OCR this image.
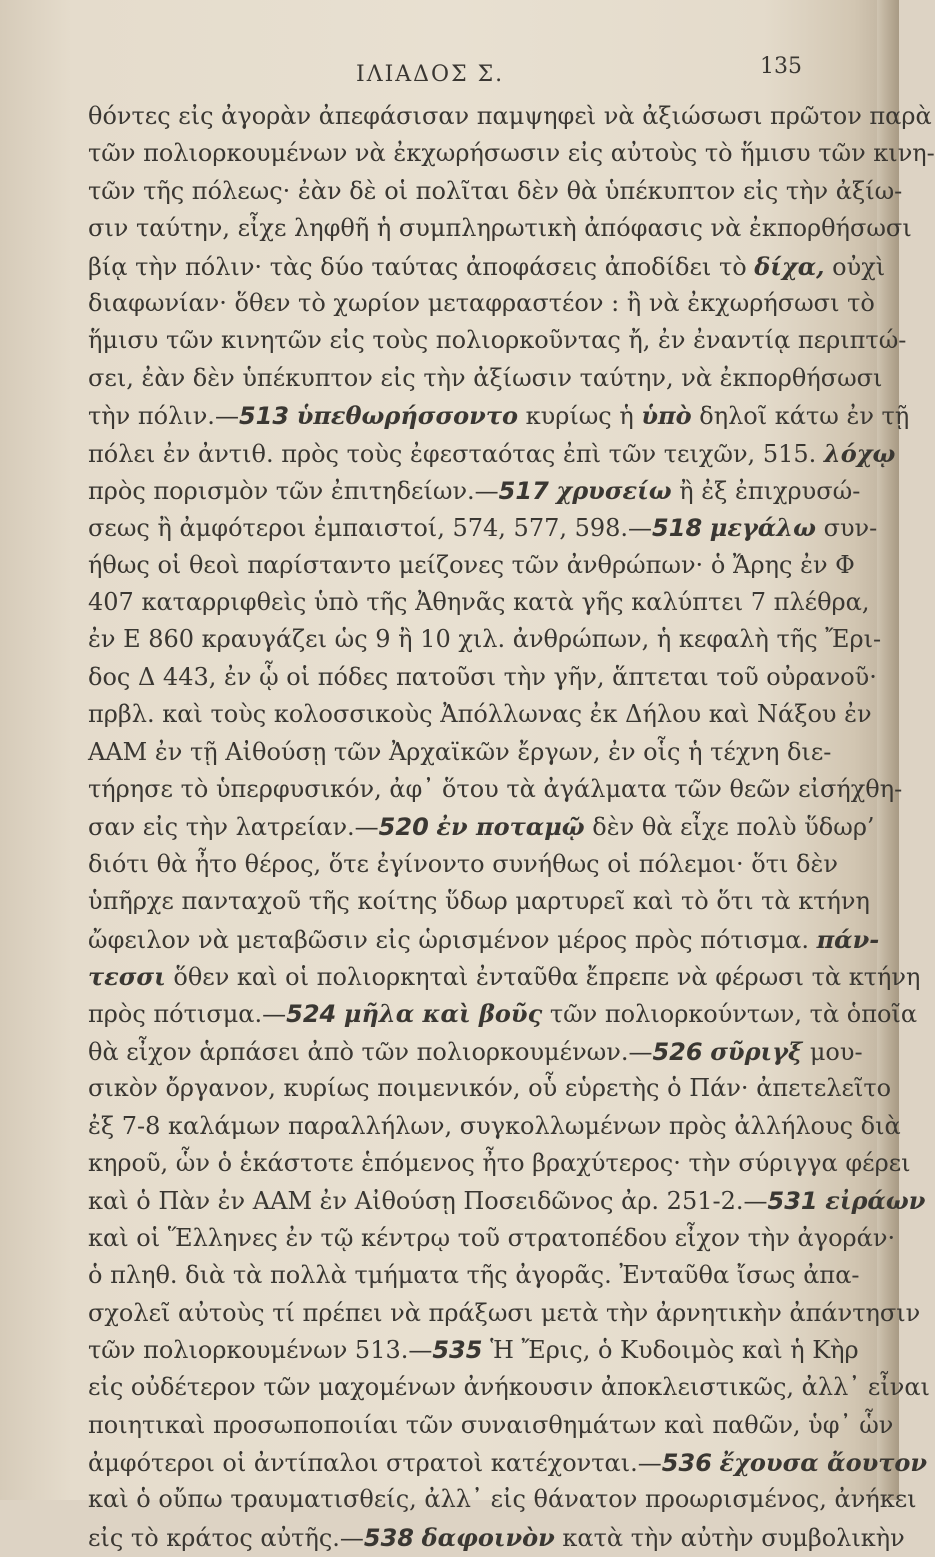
ΙΛΙΑΔΟΣ Σ.	135
θόντες εἰς ἀγορὰν ἀπεφάσισαν παμψηφεὶ νὰ ἀξιώσωσι πρῶτον παρὰ
τῶν πολιορκουμένων νὰ ἐκχωρήσωσιν εἰς αὐτοὺς τὸ ἥμισυ τῶν κινη-
τῶν τῆς πόλεως· ἐὰν δὲ οἱ πολῖται δὲν θὰ ὑπέκυπτον εἰς τὴν ἀξίω-
σιν ταύτην, εἶχε ληφθῆ ἡ συμπληρωτικὴ ἀπόφασις νὰ ἐκπορθήσωσι
βίᾳ τὴν πόλιν· τὰς δύο ταύτας ἀποφάσεις ἀποδίδει τὸ δίχα, οὐχὶ
διαφωνίαν· ὅθεν τὸ χωρίον μεταφραστέον : ἢ νὰ ἐκχωρήσωσι τὸ
ἥμισυ τῶν κινητῶν εἰς τοὺς πολιορκοῦντας ἤ, ἐν ἐναντίᾳ περιπτώ-
σει, ἐὰν δὲν ὑπέκυπτον εἰς τὴν ἀξίωσιν ταύτην, νὰ ἐκπορθήσωσι
τὴν πόλιν.—513 ὑπεθωρήσσοντο κυρίως ἡ ὑπὸ δηλοῖ κάτω ἐν τῇ
πόλει ἐν ἀντιθ. πρὸς τοὺς ἐφεσταότας ἐπὶ τῶν τειχῶν, 515. λόχῳ
πρὸς πορισμὸν τῶν ἐπιτηδείων.—517 χρυσείω ἢ ἐξ ἐπιχρυσώ-
σεως ἢ ἀμφότεροι ἐμπαιστοί, 574, 577, 598.—518 μεγάλω συν-
ήθως οἱ θεοὶ παρίσταντο μείζονες τῶν ἀνθρώπων· ὁ Ἄρης ἐν Φ
407 καταρριφθεὶς ὑπὸ τῆς Ἀθηνᾶς κατὰ γῆς καλύπτει 7 πλέθρα,
ἐν Ε 860 κραυγάζει ὡς 9 ἢ 10 χιλ. ἀνθρώπων, ἡ κεφαλὴ τῆς Ἔρι-
δος Δ 443, ἐν ᾧ οἱ πόδες πατοῦσι τὴν γῆν, ἅπτεται τοῦ οὐρανοῦ·
πρβλ. καὶ τοὺς κολοσσικοὺς Ἀπόλλωνας ἐκ Δήλου καὶ Νάξου ἐν
ΑΑΜ ἐν τῇ Αἰθούσῃ τῶν Ἀρχαϊκῶν ἔργων, ἐν οἷς ἡ τέχνη διε-
τήρησε τὸ ὑπερφυσικόν, ἀφ᾽ ὅτου τὰ ἀγάλματα τῶν θεῶν εἰσήχθη-
σαν εἰς τὴν λατρείαν.—520 ἐν ποταμῷ δὲν θὰ εἶχε πολὺ ὕδωρ’
διότι θὰ ἦτο θέρος, ὅτε ἐγίνοντο συνήθως οἱ πόλεμοι· ὅτι δὲν
ὑπῆρχε πανταχοῦ τῆς κοίτης ὕδωρ μαρτυρεῖ καὶ τὸ ὅτι τὰ κτήνη
ὤφειλον νὰ μεταβῶσιν εἰς ὡρισμένον μέρος πρὸς πότισμα. πάν-
τεσσι ὅθεν καὶ οἱ πολιορκηταὶ ἐνταῦθα ἔπρεπε νὰ φέρωσι τὰ κτήνη
πρὸς πότισμα.—524 μῆλα καὶ βοῦς τῶν πολιορκούντων, τὰ ὁποῖα
θὰ εἶχον ἁρπάσει ἀπὸ τῶν πολιορκουμένων.—526 σῦριγξ μου-
σικὸν ὄργανον, κυρίως ποιμενικόν, οὗ εὑρετὴς ὁ Πάν· ἀπετελεῖτο
ἐξ 7-8 καλάμων παραλλήλων, συγκολλωμένων πρὸς ἀλλήλους διὰ
κηροῦ, ὧν ὁ ἑκάστοτε ἑπόμενος ἦτο βραχύτερος· τὴν σύριγγα φέρει
καὶ ὁ Πὰν ἐν ΑΑΜ ἐν Αἰθούσῃ Ποσειδῶνος ἀρ. 251-2.—531 εἰράων
καὶ οἱ Ἕλληνες ἐν τῷ κέντρῳ τοῦ στρατοπέδου εἶχον τὴν ἀγοράν·
ὁ πληθ. διὰ τὰ πολλὰ τμήματα τῆς ἀγορᾶς. Ἐνταῦθα ἴσως ἀπα-
σχολεῖ αὐτοὺς τί πρέπει νὰ πράξωσι μετὰ τὴν ἀρνητικὴν ἀπάντησιν
τῶν πολιορκουμένων 513.—535 Ἡ Ἔρις, ὁ Κυδοιμὸς καὶ ἡ Κὴρ
εἰς οὐδέτερον τῶν μαχομένων ἀνήκουσιν ἀποκλειστικῶς, ἀλλ᾽ εἶναι
ποιητικαὶ προσωποποιίαι τῶν συναισθημάτων καὶ παθῶν, ὑφ᾽ ὧν
ἀμφότεροι οἱ ἀντίπαλοι στρατοὶ κατέχονται.—536 ἔχουσα ἄουτον
καὶ ὁ οὔπω τραυματισθείς, ἀλλ᾽ εἰς θάνατον προωρισμένος, ἀνήκει
εἰς τὸ κράτος αὐτῆς.—538 δαφοινὸν κατὰ τὴν αὐτὴν συμβολικὴν
